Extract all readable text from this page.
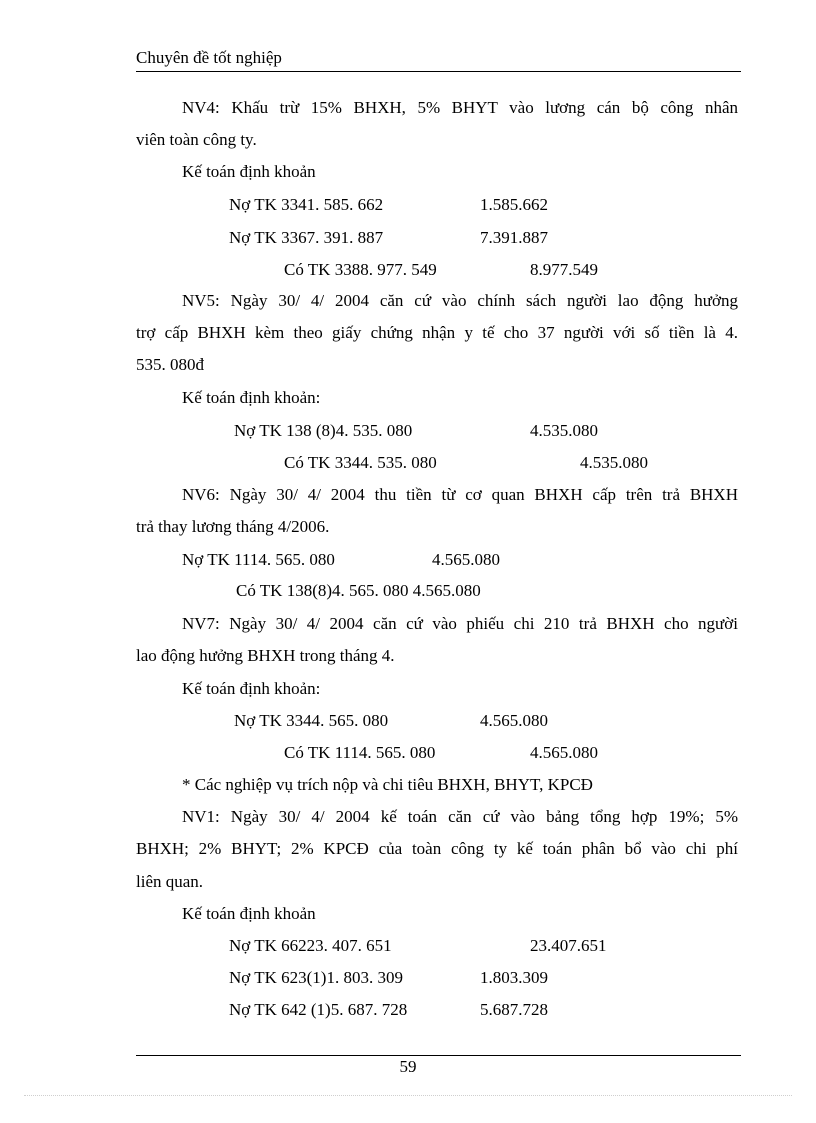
Chuyên đề tốt nghiệp
NV4: Khấu trừ 15% BHXH, 5% BHYT vào lương cán bộ công nhân
viên toàn công ty.
Kế toán định khoản
Nợ TK 3341. 585. 662	1.585.662
Nợ TK 3367. 391. 887	7.391.887
Có TK 3388. 977. 549	8.977.549
NV5: Ngày 30/ 4/ 2004 căn cứ vào chính sách người lao động hưởng
trợ cấp BHXH kèm theo giấy chứng nhận y tế cho 37 người với số tiền là 4.
535. 080đ
Kế toán định khoản:
Nợ TK 138 (8)4. 535. 080	4.535.080
Có TK 3344. 535. 080	4.535.080
NV6: Ngày 30/ 4/ 2004 thu tiền từ cơ quan BHXH cấp trên trả BHXH
trả thay lương tháng 4/2006.
Nợ TK 1114. 565. 080	4.565.080
Có TK 138(8)4. 565. 080 4.565.080
NV7: Ngày 30/ 4/ 2004 căn cứ vào phiếu chi 210 trả BHXH cho người
lao động hưởng BHXH trong tháng 4.
Kế toán định khoản:
Nợ TK 3344. 565. 080	4.565.080
Có TK 1114. 565. 080	4.565.080
* Các nghiệp vụ trích nộp và chi tiêu BHXH, BHYT, KPCĐ
NV1: Ngày 30/ 4/ 2004 kế toán căn cứ vào bảng tổng hợp 19%; 5%
BHXH; 2% BHYT; 2% KPCĐ của toàn công ty kế toán phân bổ vào chi phí
liên quan.
Kế toán định khoản
Nợ TK 66223. 407. 651	23.407.651
Nợ TK 623(1)1. 803. 309	1.803.309
Nợ TK 642 (1)5. 687. 728	5.687.728
59
